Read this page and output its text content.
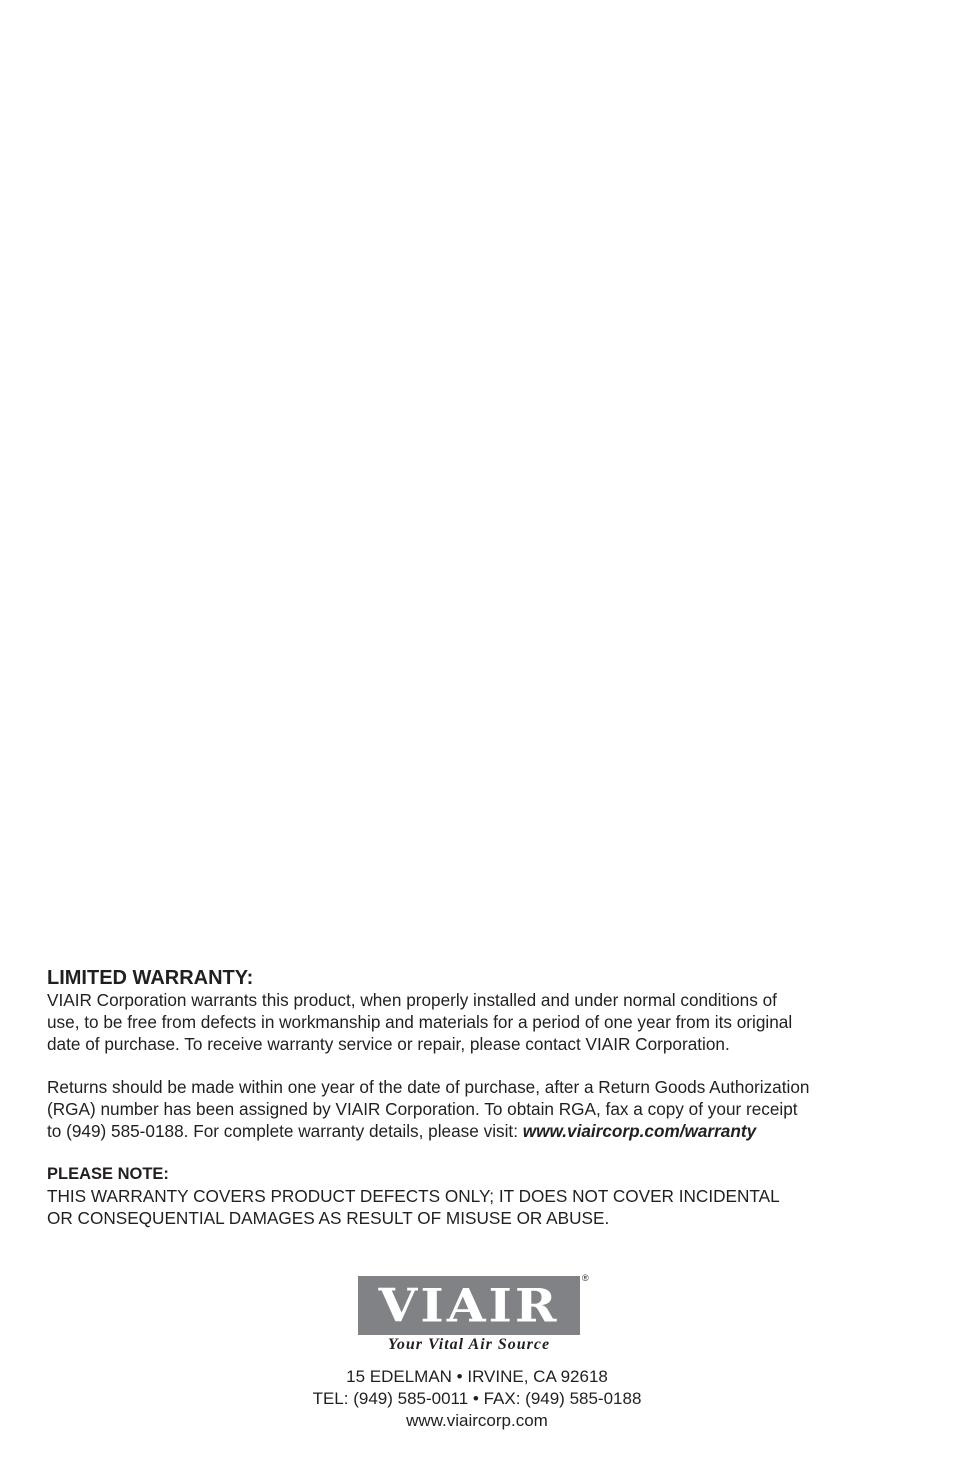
LIMITED WARRANTY:
VIAIR Corporation warrants this product, when properly installed and under normal conditions of
use, to be free from defects in workmanship and materials for a period of one year from its original
date of purchase. To receive warranty service or repair, please contact VIAIR Corporation.
Returns should be made within one year of the date of purchase, after a Return Goods Authorization
(RGA) number has been assigned by VIAIR Corporation. To obtain RGA, fax a copy of your receipt
to (949) 585-0188. For complete warranty details, please visit: www.viaircorp.com/warranty
PLEASE NOTE:
THIS WARRANTY COVERS PRODUCT DEFECTS ONLY; IT DOES NOT COVER INCIDENTAL
OR CONSEQUENTIAL DAMAGES AS RESULT OF MISUSE OR ABUSE.
VIAIR	®
Your Vital Air Source
15 EDELMAN • IRVINE, CA 92618
TEL: (949) 585-0011 • FAX: (949) 585-0188
www.viaircorp.com
